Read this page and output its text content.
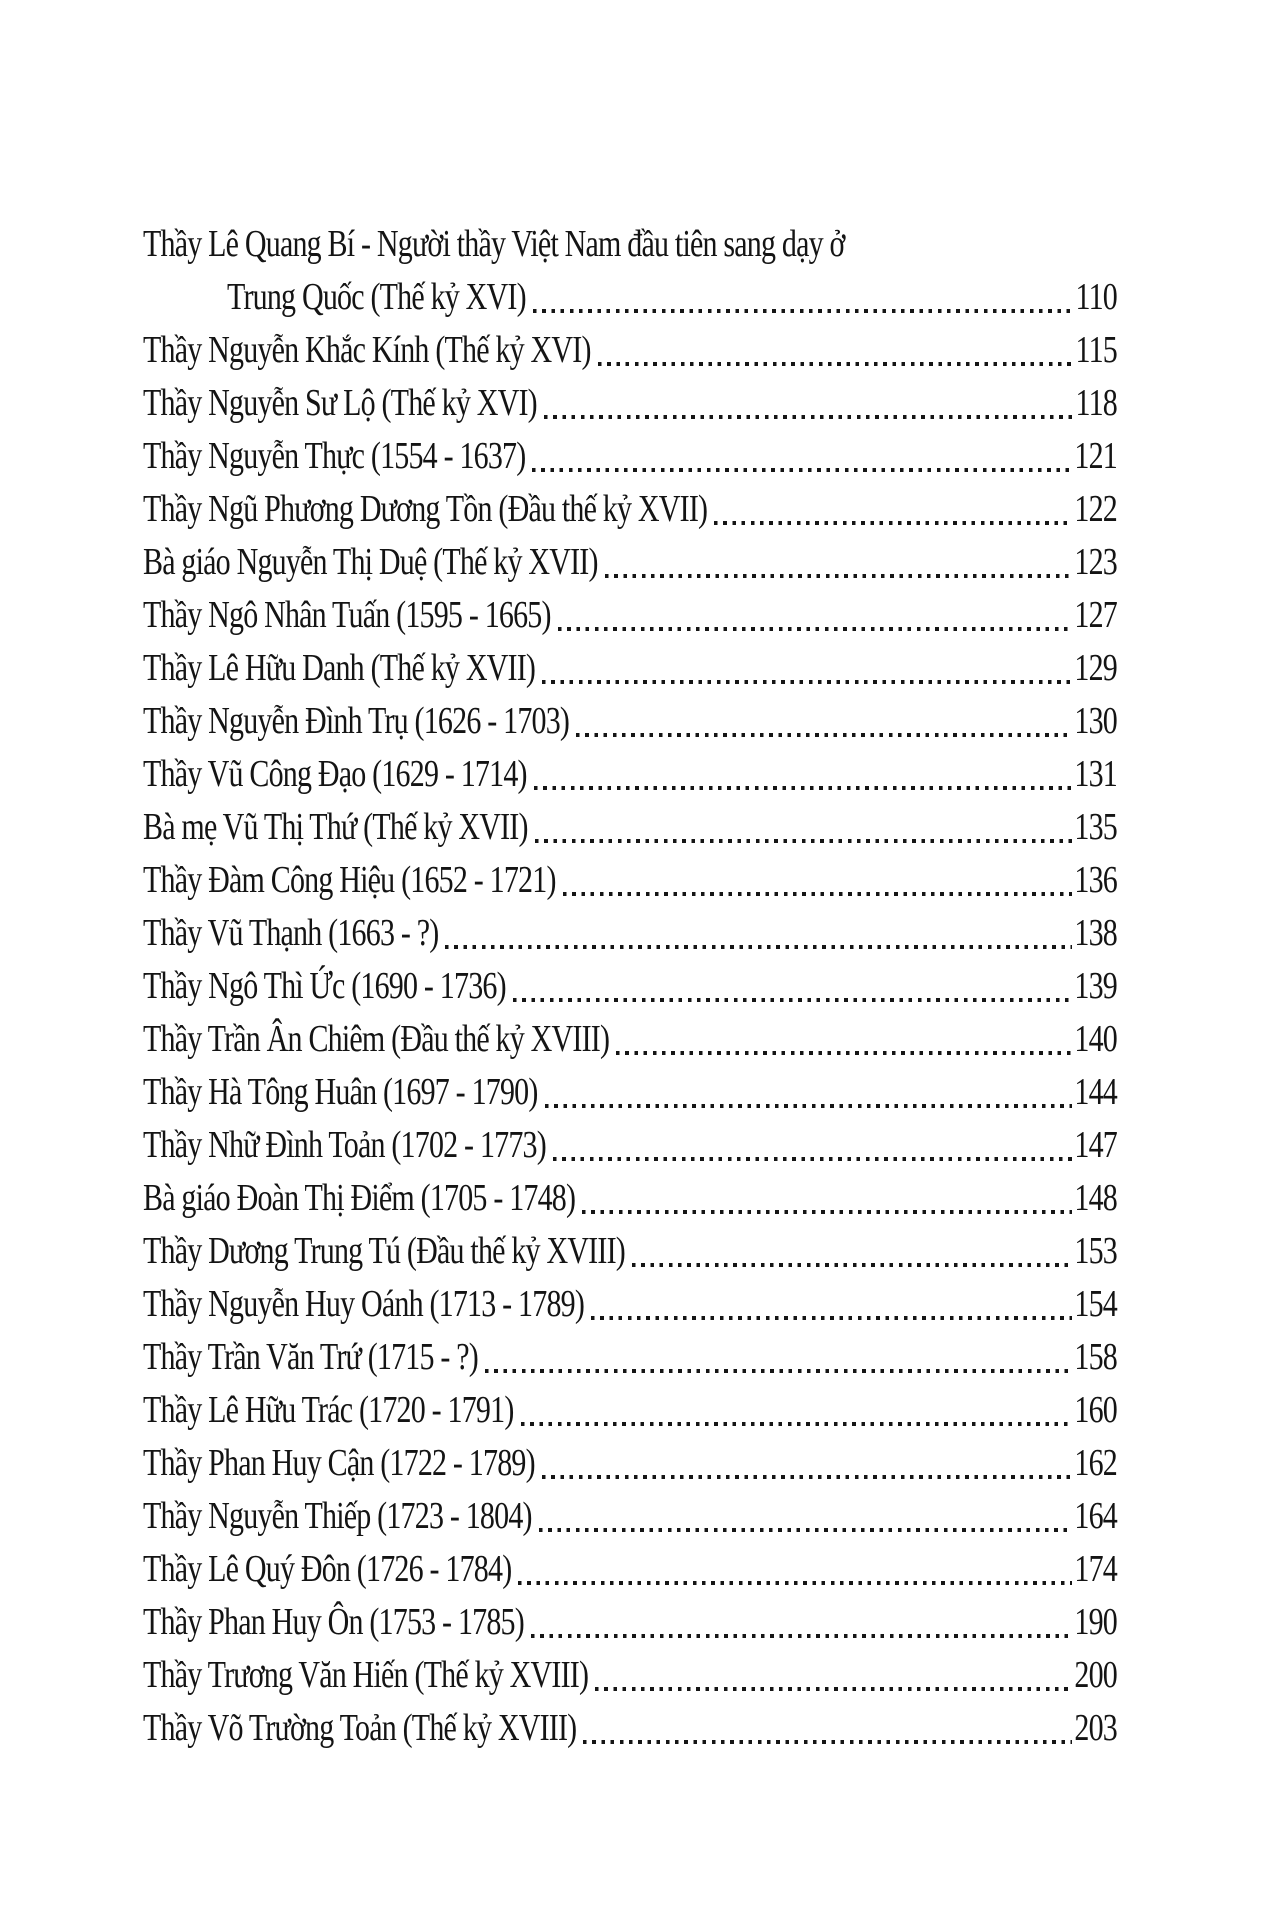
Thầy Lê Quang Bí - Người thầy Việt Nam đầu tiên sang dạy ở
Trung Quốc (Thế kỷ XVI)	110
Thầy Nguyễn Khắc Kính (Thế kỷ XVI)	115
Thầy Nguyễn Sư Lộ (Thế kỷ XVI)	118
Thầy Nguyễn Thực (1554 - 1637)	121
Thầy Ngũ Phương Dương Tồn (Đầu thế kỷ XVII)	122
Bà giáo Nguyễn Thị Duệ (Thế kỷ XVII)	123
Thầy Ngô Nhân Tuấn (1595 - 1665)	127
Thầy Lê Hữu Danh (Thế kỷ XVII)	129
Thầy Nguyễn Đình Trụ (1626 - 1703)	130
Thầy Vũ Công Đạo (1629 - 1714)	131
Bà mẹ Vũ Thị Thứ (Thế kỷ XVII)	135
Thầy Đàm Công Hiệu (1652 - 1721)	136
Thầy Vũ Thạnh (1663 - ?)	138
Thầy Ngô Thì Ức (1690 - 1736)	139
Thầy Trần Ân Chiêm (Đầu thế kỷ XVIII)	140
Thầy Hà Tông Huân (1697 - 1790)	144
Thầy Nhữ Đình Toản (1702 - 1773)	147
Bà giáo Đoàn Thị Điểm (1705 - 1748)	148
Thầy Dương Trung Tú (Đầu thế kỷ XVIII)	153
Thầy Nguyễn Huy Oánh (1713 - 1789)	154
Thầy Trần Văn Trứ (1715 - ?)	158
Thầy Lê Hữu Trác (1720 - 1791)	160
Thầy Phan Huy Cận (1722 - 1789)	162
Thầy Nguyễn Thiếp (1723 - 1804)	164
Thầy Lê Quý Đôn (1726 - 1784)	174
Thầy Phan Huy Ôn (1753 - 1785)	190
Thầy Trương Văn Hiến (Thế kỷ XVIII)	200
Thầy Võ Trường Toản (Thế kỷ XVIII)	203
